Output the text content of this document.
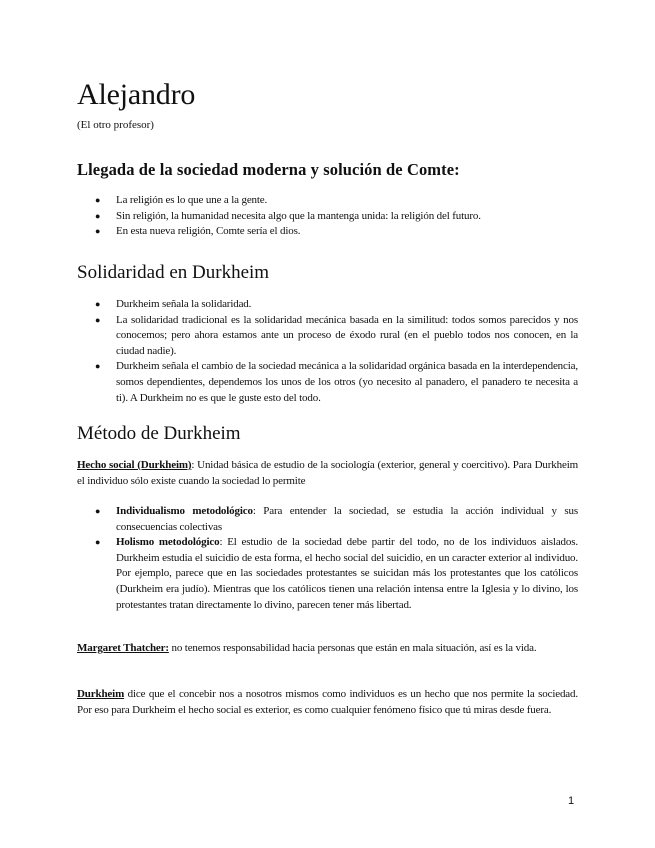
Alejandro

(El otro profesor)

Llegada de la sociedad moderna y solución de Comte:
● La religión es lo que une a la gente.
● Sin religión, la humanidad necesita algo que la mantenga unida: la religión del futuro.
● En esta nueva religión, Comte sería el dios.
Solidaridad en Durkheim
● Durkheim señala la solidaridad.
● La solidaridad tradicional es la solidaridad mecánica basada en la similitud: todos somos parecidos y nos conocemos; pero ahora estamos ante un proceso de éxodo rural (en el pueblo todos nos conocen, en la ciudad nadie).
● Durkheim señala el cambio de la sociedad mecánica a la solidaridad orgánica basada en la interdependencia, somos dependientes, dependemos los unos de los otros (yo necesito al panadero, el panadero te necesita a ti). A Durkheim no es que le guste esto del todo.
Método de Durkheim

Hecho social (Durkheim): Unidad básica de estudio de la sociología (exterior, general y coercitivo). Para Durkheim el individuo sólo existe cuando la sociedad lo permite

● Individualismo metodológico: Para entender la sociedad, se estudia la acción individual y sus consecuencias colectivas
● Holismo metodológico: El estudio de la sociedad debe partir del todo, no de los individuos aislados. Durkheim estudia el suicidio de esta forma, el hecho social del suicidio, en un caracter exterior al individuo. Por ejemplo, parece que en las sociedades protestantes se suicidan más los protestantes que los católicos (Durkheim era judío). Mientras que los católicos tienen una relación intensa entre la Iglesia y lo divino, los protestantes tratan directamente lo divino, parecen tener más libertad.

Margaret Thatcher: no tenemos responsabilidad hacia personas que están en mala situación, así es la vida.

Durkheim dice que el concebir nos a nosotros mismos como individuos es un hecho que nos permite la sociedad. Por eso para Durkheim el hecho social es exterior, es como cualquier fenómeno físico que tú miras desde fuera.

1
